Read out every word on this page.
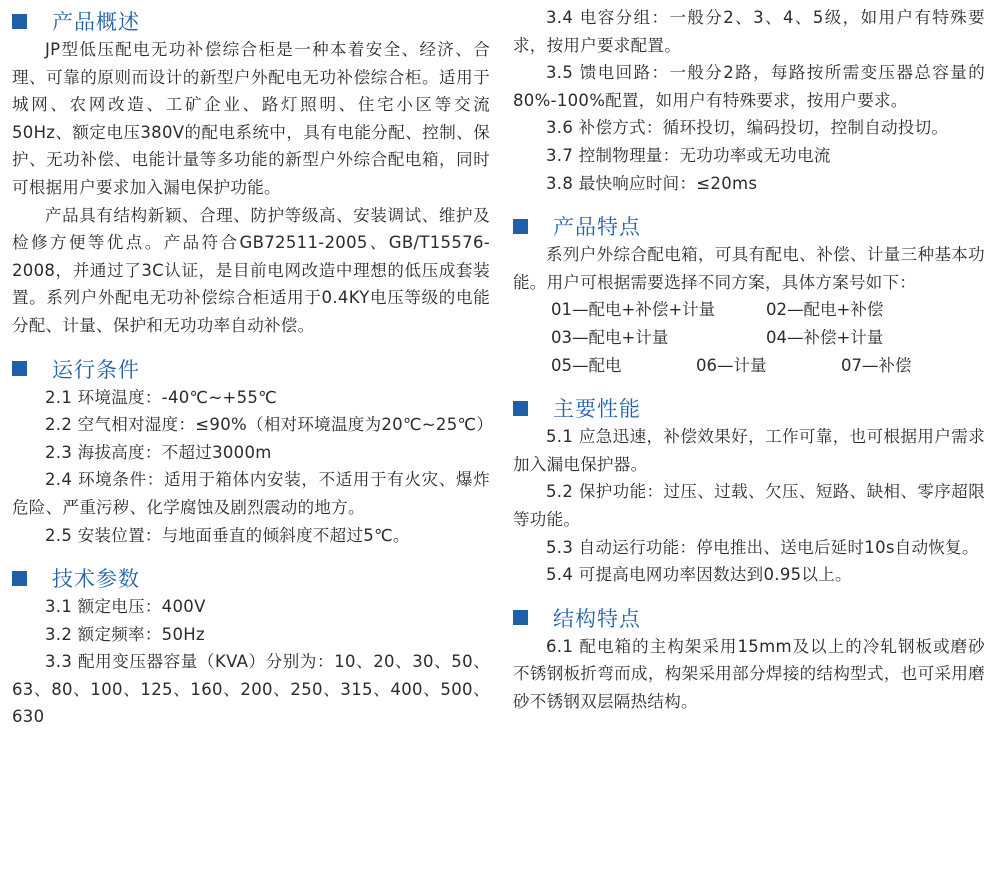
产品概述

JP型低压配电无功补偿综合柜是一种本着安全、经济、合理、可靠的原则而设计的新型户外配电无功补偿综合柜。适用于城网、农网改造、工矿企业、路灯照明、住宅小区等交流50Hz、额定电压380V的配电系统中，具有电能分配、控制、保护、无功补偿、电能计量等多功能的新型户外综合配电箱，同时可根据用户要求加入漏电保护功能。

产品具有结构新颖、合理、防护等级高、安装调试、维护及检修方便等优点。产品符合GB72511-2005、GB/T15576-2008，并通过了3C认证，是目前电网改造中理想的低压成套装置。系列户外配电无功补偿综合柜适用于0.4KY电压等级的电能分配、计量、保护和无功功率自动补偿。

运行条件

2.1 环境温度：-40℃~+55℃

2.2 空气相对湿度：≤90%（相对环境温度为20℃~25℃）

2.3 海拔高度：不超过3000m

2.4 环境条件：适用于箱体内安装，不适用于有火灾、爆炸危险、严重污秽、化学腐蚀及剧烈震动的地方。

2.5 安装位置：与地面垂直的倾斜度不超过5℃。

技术参数

3.1 额定电压：400V

3.2 额定频率：50Hz

3.3 配用变压器容量（KVA）分别为：10、20、30、50、63、80、100、125、160、200、250、315、400、500、630

3.4 电容分组：一般分2、3、4、5级，如用户有特殊要求，按用户要求配置。

3.5 馈电回路：一般分2路，每路按所需变压器总容量的80%-100%配置，如用户有特殊要求，按用户要求。

3.6 补偿方式：循环投切，编码投切，控制自动投切。

3.7 控制物理量：无功功率或无功电流

3.8 最快响应时间：≤20ms

产品特点

系列户外综合配电箱，可具有配电、补偿、计量三种基本功能。用户可根据需要选择不同方案，具体方案号如下：

01—配电+补偿+计量	02—配电+补偿
03—配电+计量	04—补偿+计量
05—配电	06—计量	07—补偿
主要性能

5.1 应急迅速，补偿效果好，工作可靠，也可根据用户需求加入漏电保护器。

5.2 保护功能：过压、过载、欠压、短路、缺相、零序超限等功能。

5.3 自动运行功能：停电推出、送电后延时10s自动恢复。

5.4 可提高电网功率因数达到0.95以上。

结构特点

6.1 配电箱的主构架采用15mm及以上的冷轧钢板或磨砂不锈钢板折弯而成，构架采用部分焊接的结构型式，也可采用磨砂不锈钢双层隔热结构。
